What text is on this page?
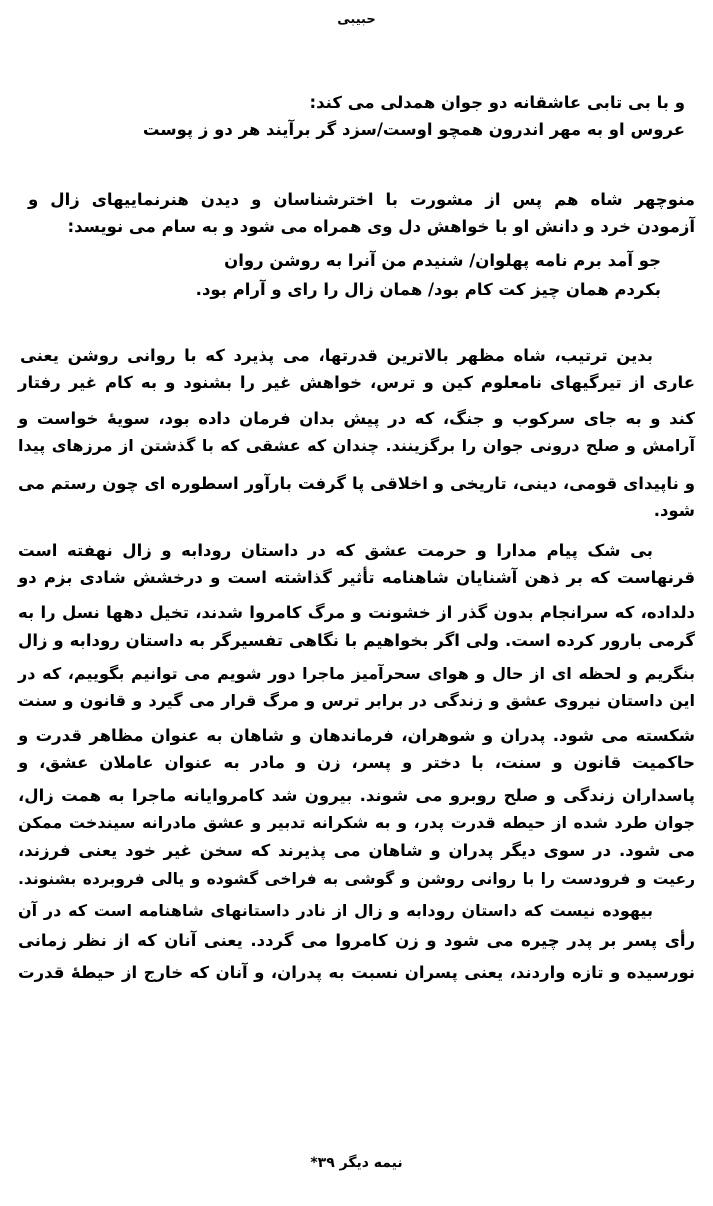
حبیبی
و با بی تابی عاشقانه دو جوان همدلی می کند:
عروس او به مهر اندرون همچو اوست/سزد گر برآیند هر دو ز پوست
منوچهر شاه هم پس از مشورت با اختر‌شناسان و دیدن هنرنماییهای زال و
آزمودن خرد و دانش او با خواهش دل وی همراه می شود و به سام می نویسد:
جو آمد برم نامه پهلوان/ شنیدم من آنرا به روشن روان
بکردم همان چیز کت کام بود/ همان زال را رای و آرام بود.
بدین ترتیب، شاه مظهر بالاترین قدرتها، می پذیرد که با روانی روشن یعنی
عاری از تیرگیهای نامعلوم کین و ترس، خواهش غیر را بشنود و به کام غیر رفتار
کند و به جای سرکوب و جنگ، که در پیش بدان فرمان داده بود، سویهٔ خواست و
آرامش و صلح درونی جوان را برگزینند. چندان که عشقی که با گذشتن از مرزهای پیدا
و ناپیدای قومی، دینی، تاریخی و اخلاقی پا گرفت بارآور اسطوره ای چون رستم می
شود.
بی شک پیام مدارا و حرمت عشق که در داستان رودابه و زال نهفته است
قرنهاست که بر ذهن آشنایان شاهنامه تأثیر گذاشته است و درخشش شادی بزم دو
دلداده، که سرانجام بدون گذر از خشونت و مرگ کامروا شدند، تخیل دهها نسل را به
گرمی بارور کرده است. ولی اگر بخواهیم با نگاهی تفسیرگر به داستان رودابه و زال
بنگریم و لحظه ای از حال و هوای سحرآمیز ماجرا دور شویم می توانیم بگوییم، که در
این داستان نیروی عشق و زندگی در برابر ترس و مرگ قرار می گیرد و قانون و سنت
شکسته می شود. پدران و شوهران، فرماندهان و شاهان به عنوان مظاهر قدرت و
حاکمیت قانون و سنت، با دختر و پسر، زن و مادر به عنوان عاملان عشق، و
پاسداران زندگی و صلح روبرو می شوند. بیرون شد کامروایانه ماجرا به همت زال،
جوان طرد شده از حیطه قدرت پدر، و به شکرانه تدبیر و عشق مادرانه سیندخت ممکن
می شود. در سوی دیگر پدران و شاهان می پذیرند که سخن غیر خود یعنی فرزند،
رعیت و فرودست را با روانی روشن و گوشی به فراخی گشوده و یالی فروبرده بشنوند.
بیهوده نیست که داستان رودابه و زال از نادر داستانهای شاهنامه است که در آن
رأی پسر بر پدر چیره می شود و زن کامروا می گردد. یعنی آنان که از نظر زمانی
نورسیده و تازه واردند، یعنی پسران نسبت به پدران، و آنان که خارج از حیطهٔ قدرت
نیمه دیگر ۳۹*
